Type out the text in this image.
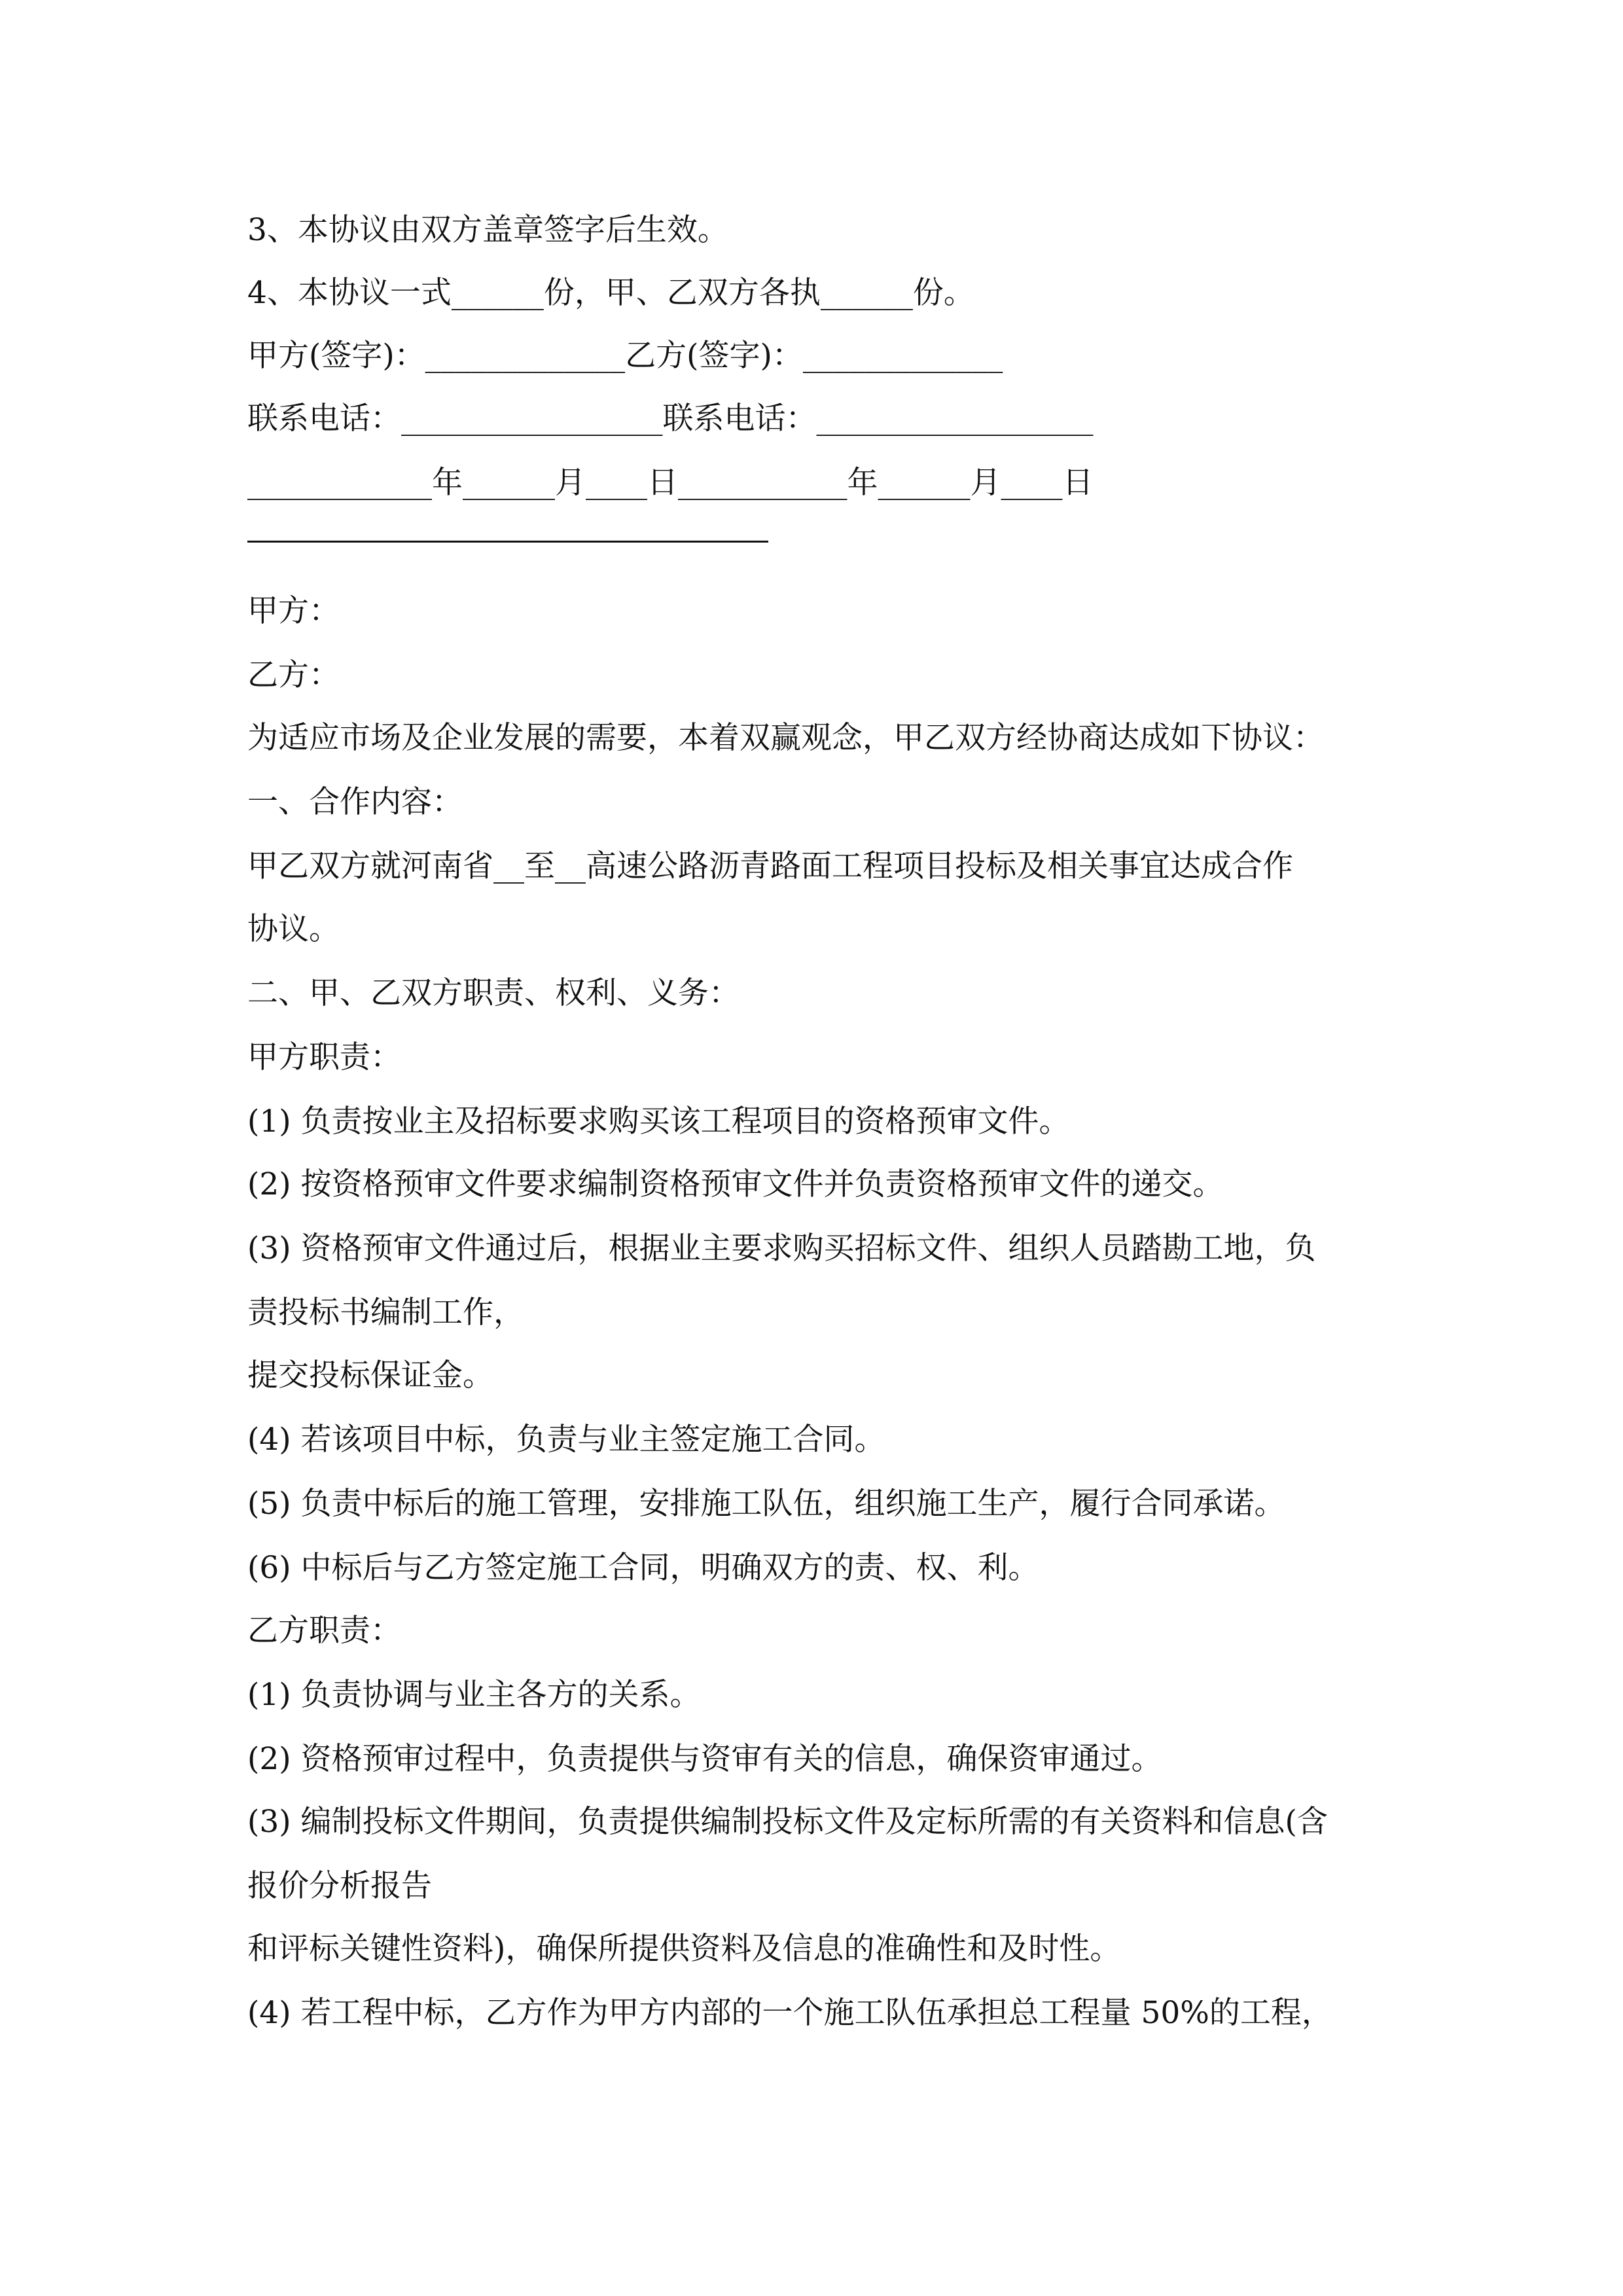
3、本协议由双方盖章签字后生效。
4、本协议一式______份，甲、乙双方各执______份。
甲方(签字)：_____________乙方(签字)：_____________
联系电话：_________________联系电话：__________________
____________年______月____日___________年______月____日
甲方：
乙方：
为适应市场及企业发展的需要，本着双赢观念，甲乙双方经协商达成如下协议：
一、合作内容：
甲乙双方就河南省__至__高速公路沥青路面工程项目投标及相关事宜达成合作
协议。
二、甲、乙双方职责、权利、义务：
甲方职责：
(1) 负责按业主及招标要求购买该工程项目的资格预审文件。
(2) 按资格预审文件要求编制资格预审文件并负责资格预审文件的递交。
(3) 资格预审文件通过后，根据业主要求购买招标文件、组织人员踏勘工地，负
责投标书编制工作，
提交投标保证金。
(4) 若该项目中标，负责与业主签定施工合同。
(5) 负责中标后的施工管理，安排施工队伍，组织施工生产，履行合同承诺。
(6) 中标后与乙方签定施工合同，明确双方的责、权、利。
乙方职责：
(1) 负责协调与业主各方的关系。
(2) 资格预审过程中，负责提供与资审有关的信息，确保资审通过。
(3) 编制投标文件期间，负责提供编制投标文件及定标所需的有关资料和信息(含
报价分析报告
和评标关键性资料)，确保所提供资料及信息的准确性和及时性。
(4) 若工程中标，乙方作为甲方内部的一个施工队伍承担总工程量 50%的工程，
